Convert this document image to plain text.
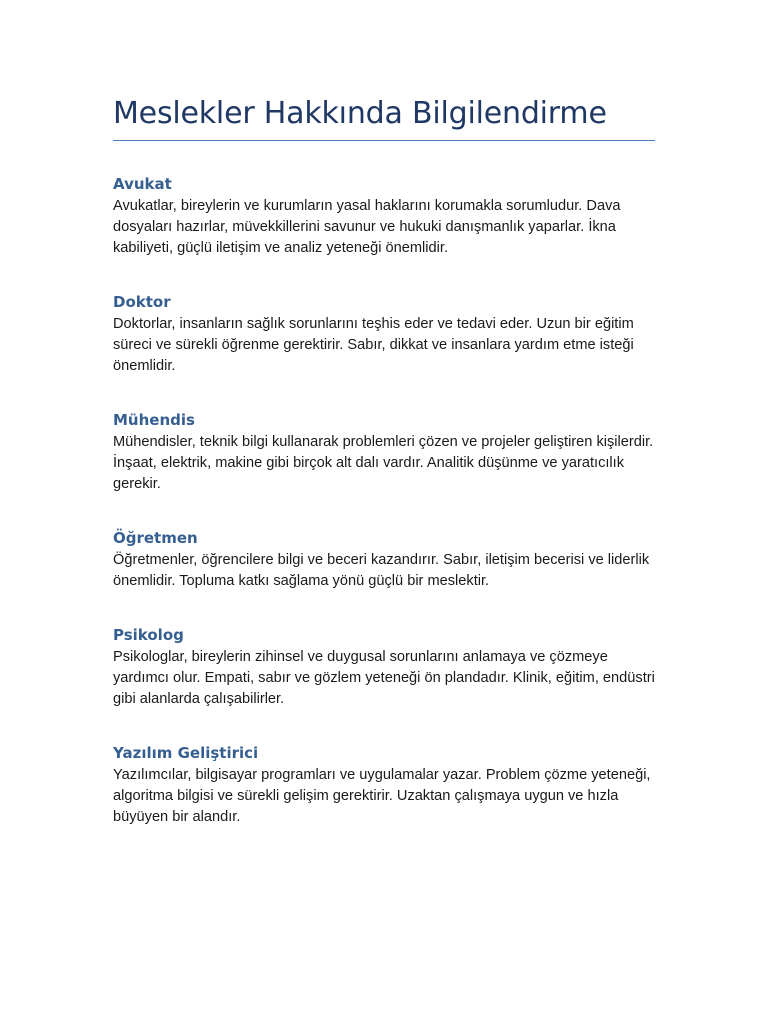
Meslekler Hakkında Bilgilendirme
Avukat

Avukatlar, bireylerin ve kurumların yasal haklarını korumakla sorumludur. Dava dosyaları hazırlar, müvekkillerini savunur ve hukuki danışmanlık yaparlar. İkna kabiliyeti, güçlü iletişim ve analiz yeteneği önemlidir.

Doktor

Doktorlar, insanların sağlık sorunlarını teşhis eder ve tedavi eder. Uzun bir eğitim süreci ve sürekli öğrenme gerektirir. Sabır, dikkat ve insanlara yardım etme isteği önemlidir.

Mühendis

Mühendisler, teknik bilgi kullanarak problemleri çözen ve projeler geliştiren kişilerdir. İnşaat, elektrik, makine gibi birçok alt dalı vardır. Analitik düşünme ve yaratıcılık gerekir.

Öğretmen

Öğretmenler, öğrencilere bilgi ve beceri kazandırır. Sabır, iletişim becerisi ve liderlik önemlidir. Topluma katkı sağlama yönü güçlü bir meslektir.

Psikolog

Psikologlar, bireylerin zihinsel ve duygusal sorunlarını anlamaya ve çözmeye yardımcı olur. Empati, sabır ve gözlem yeteneği ön plandadır. Klinik, eğitim, endüstri gibi alanlarda çalışabilirler.

Yazılım Geliştirici

Yazılımcılar, bilgisayar programları ve uygulamalar yazar. Problem çözme yeteneği, algoritma bilgisi ve sürekli gelişim gerektirir. Uzaktan çalışmaya uygun ve hızla büyüyen bir alandır.
